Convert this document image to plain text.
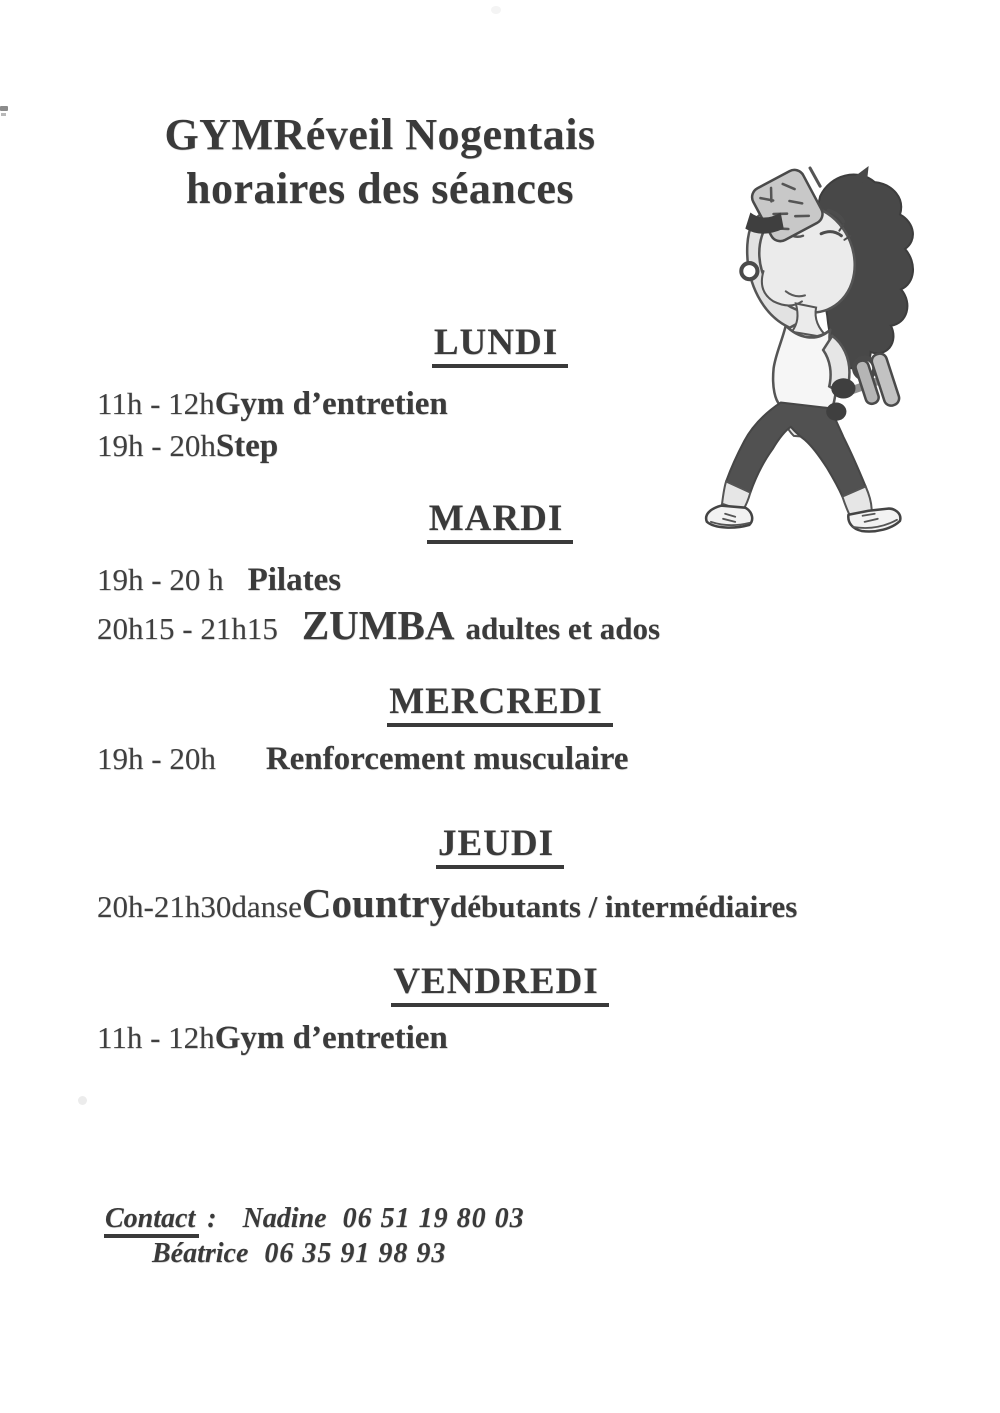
GYMRéveil Nogentais
horaires des séances
LUNDI
11h - 12hGym d’entretien
19h - 20hStep
MARDI
19h - 20 h Pilates
20h15 - 21h15 ZUMBA adultes et ados
MERCREDI
19h - 20h Renforcement musculaire
JEUDI
20h-21h30danseCountrydébutants / intermédiaires
VENDREDI
11h - 12hGym d’entretien
Contact : Nadine 06 51 19 80 03
Béatrice 06 35 91 98 93
